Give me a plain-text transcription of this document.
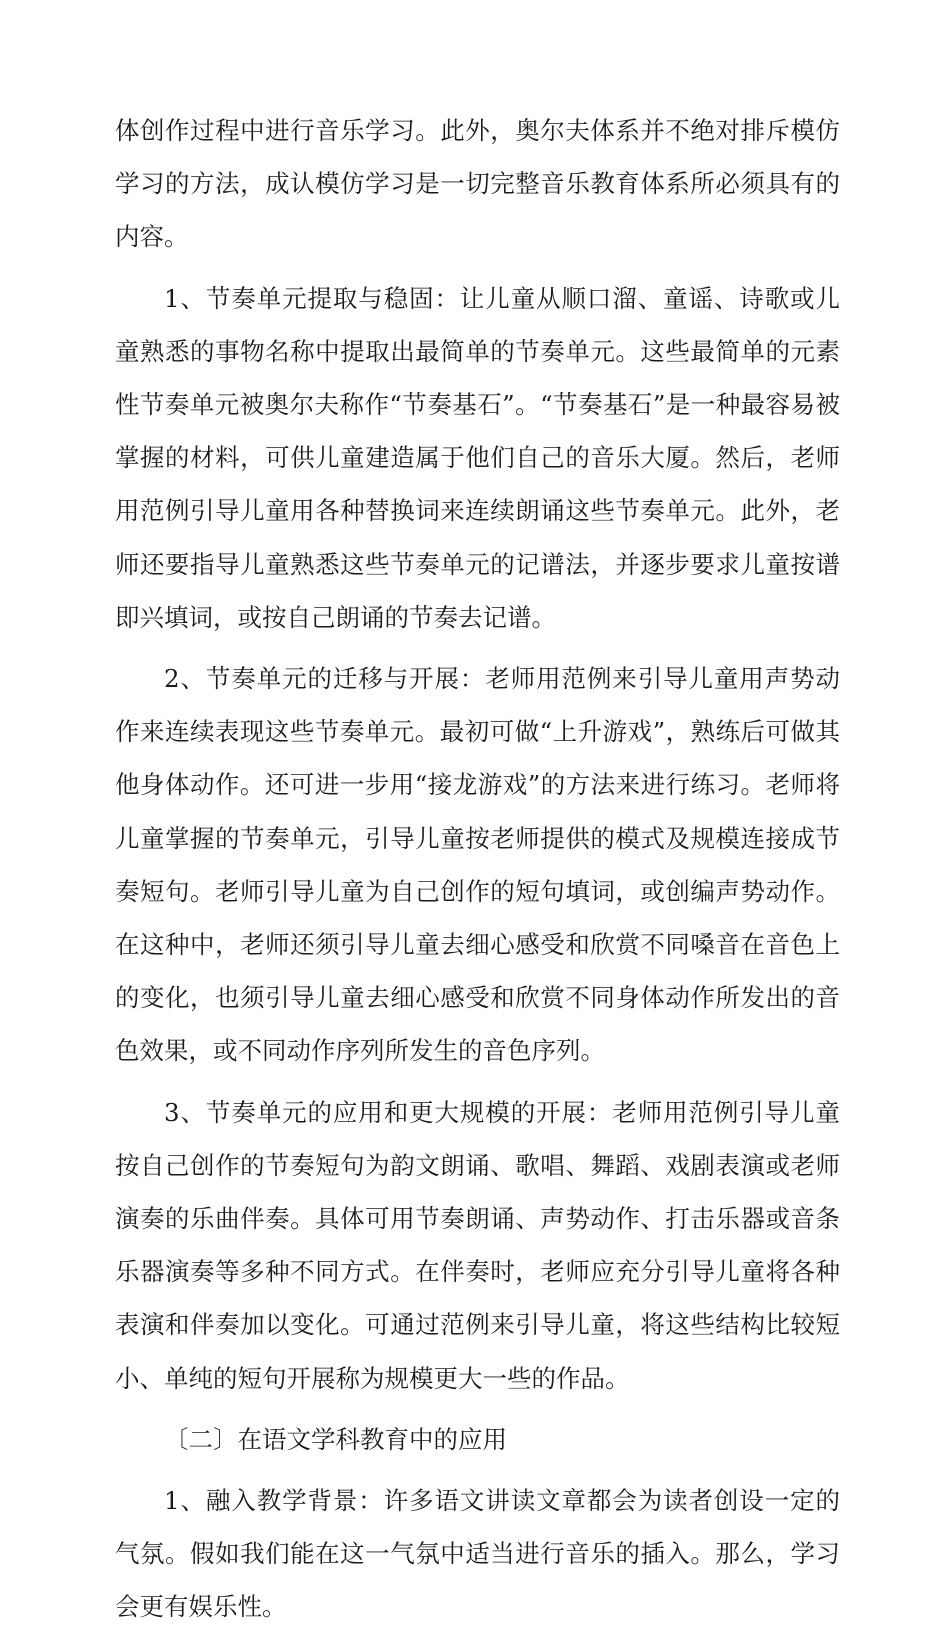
体创作过程中进行音乐学习。此外，奥尔夫体系并不绝对排斥模仿学习的方法，成认模仿学习是一切完整音乐教育体系所必须具有的内容。

1、节奏单元提取与稳固：让儿童从顺口溜、童谣、诗歌或儿童熟悉的事物名称中提取出最简单的节奏单元。这些最简单的元素性节奏单元被奥尔夫称作“节奏基石”。“节奏基石”是一种最容易被掌握的材料，可供儿童建造属于他们自己的音乐大厦。然后，老师用范例引导儿童用各种替换词来连续朗诵这些节奏单元。此外，老师还要指导儿童熟悉这些节奏单元的记谱法，并逐步要求儿童按谱即兴填词，或按自己朗诵的节奏去记谱。

2、节奏单元的迁移与开展：老师用范例来引导儿童用声势动作来连续表现这些节奏单元。最初可做“上升游戏”，熟练后可做其他身体动作。还可进一步用“接龙游戏”的方法来进行练习。老师将儿童掌握的节奏单元，引导儿童按老师提供的模式及规模连接成节奏短句。老师引导儿童为自己创作的短句填词，或创编声势动作。在这种中，老师还须引导儿童去细心感受和欣赏不同嗓音在音色上的变化，也须引导儿童去细心感受和欣赏不同身体动作所发出的音色效果，或不同动作序列所发生的音色序列。

3、节奏单元的应用和更大规模的开展：老师用范例引导儿童按自己创作的节奏短句为韵文朗诵、歌唱、舞蹈、戏剧表演或老师演奏的乐曲伴奏。具体可用节奏朗诵、声势动作、打击乐器或音条乐器演奏等多种不同方式。在伴奏时，老师应充分引导儿童将各种表演和伴奏加以变化。可通过范例来引导儿童，将这些结构比较短小、单纯的短句开展称为规模更大一些的作品。

〔二〕在语文学科教育中的应用

1、融入教学背景：许多语文讲读文章都会为读者创设一定的气氛。假如我们能在这一气氛中适当进行音乐的插入。那么，学习会更有娱乐性。
